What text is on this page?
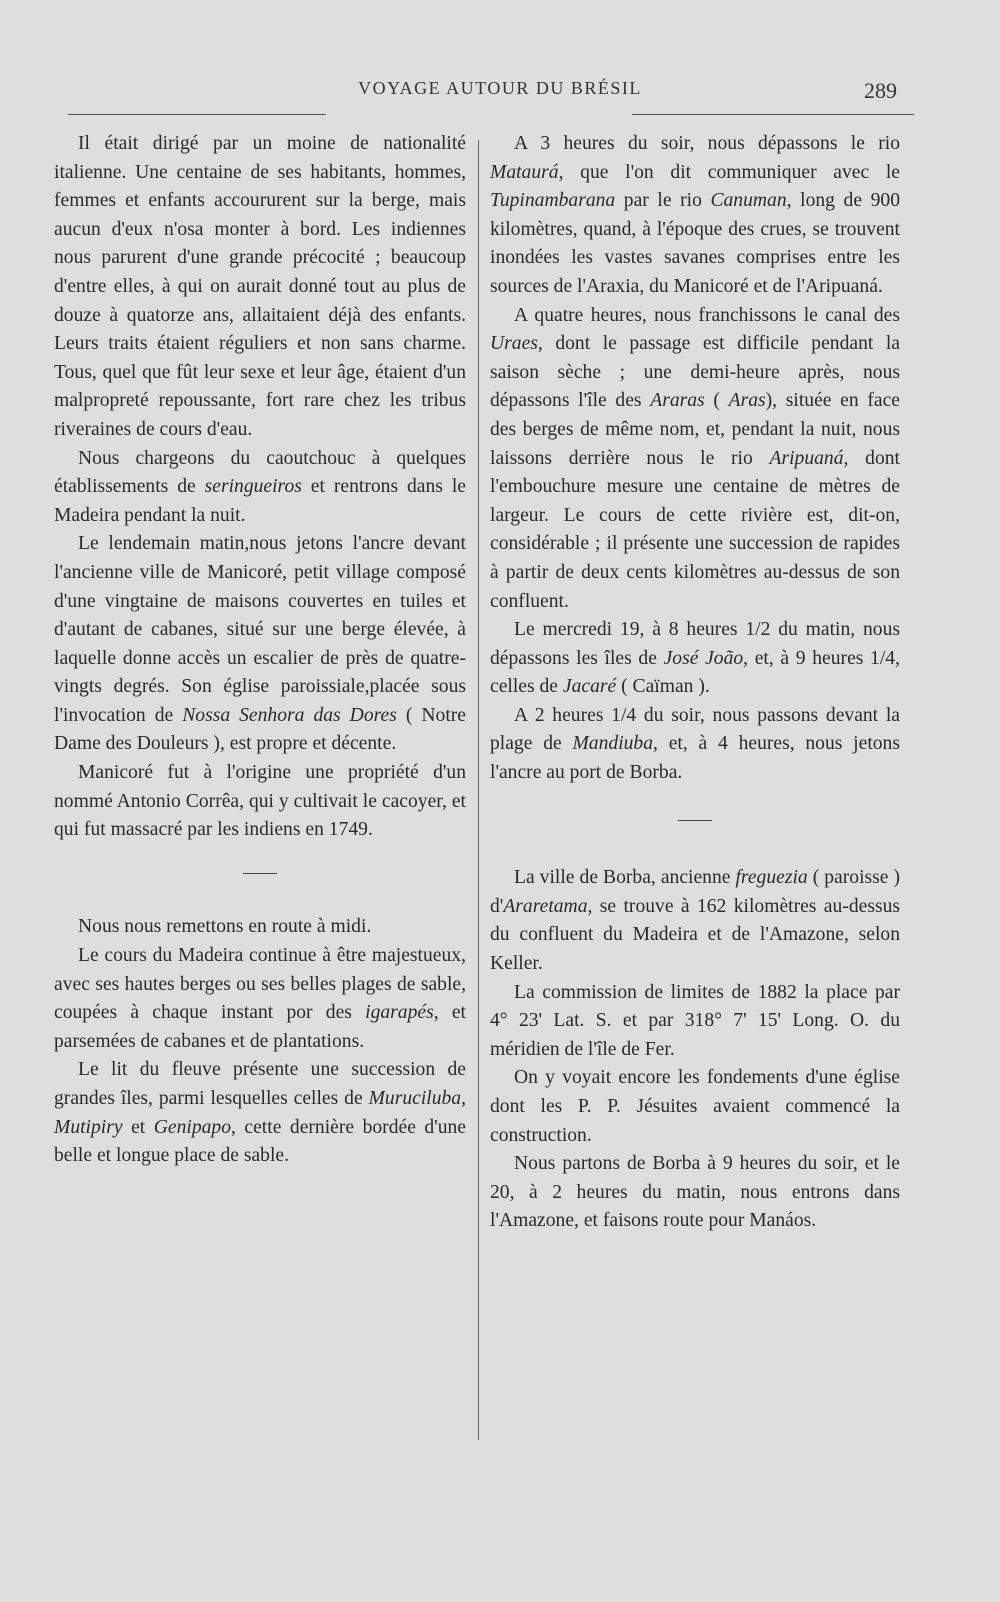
VOYAGE AUTOUR DU BRÉSIL	289

Il était dirigé par un moine de nationalité italienne. Une centaine de ses habitants, hommes, femmes et enfants accoururent sur la berge, mais aucun d'eux n'osa monter à bord. Les indiennes nous parurent d'une grande précocité ; beaucoup d'entre elles, à qui on aurait donné tout au plus de douze à quatorze ans, allaitaient déjà des enfants. Leurs traits étaient réguliers et non sans charme. Tous, quel que fût leur sexe et leur âge, étaient d'un malpropreté repoussante, fort rare chez les tribus riveraines de cours d'eau.

Nous chargeons du caoutchouc à quelques établissements de seringueiros et rentrons dans le Madeira pendant la nuit.

Le lendemain matin,nous jetons l'ancre devant l'ancienne ville de Manicoré, petit village composé d'une vingtaine de maisons couvertes en tuiles et d'autant de cabanes, situé sur une berge élevée, à laquelle donne accès un escalier de près de quatre-vingts degrés. Son église paroissiale,placée sous l'invocation de Nossa Senhora das Dores ( Notre Dame des Douleurs ), est propre et décente.

Manicoré fut à l'origine une propriété d'un nommé Antonio Corrêa, qui y cultivait le cacoyer, et qui fut massacré par les indiens en 1749.

Nous nous remettons en route à midi.

Le cours du Madeira continue à être majestueux, avec ses hautes berges ou ses belles plages de sable, coupées à chaque instant por des igarapés, et parsemées de cabanes et de plantations.

Le lit du fleuve présente une succession de grandes îles, parmi lesquelles celles de Muruciluba, Mutipiry et Genipapo, cette dernière bordée d'une belle et longue place de sable.

A 3 heures du soir, nous dépassons le rio Mataurá, que l'on dit communiquer avec le Tupinambarana par le rio Canuman, long de 900 kilomètres, quand, à l'époque des crues, se trouvent inondées les vastes savanes comprises entre les sources de l'Araxia, du Manicoré et de l'Aripuaná.

A quatre heures, nous franchissons le canal des Uraes, dont le passage est difficile pendant la saison sèche ; une demi-heure après, nous dépassons l'île des Araras ( Aras), située en face des berges de même nom, et, pendant la nuit, nous laissons derrière nous le rio Aripuaná, dont l'embouchure mesure une centaine de mètres de largeur. Le cours de cette rivière est, dit-on, considérable ; il présente une succession de rapides à partir de deux cents kilomètres au-dessus de son confluent.

Le mercredi 19, à 8 heures 1/2 du matin, nous dépassons les îles de José João, et, à 9 heures 1/4, celles de Jacaré ( Caïman ).

A 2 heures 1/4 du soir, nous passons devant la plage de Mandiuba, et, à 4 heures, nous jetons l'ancre au port de Borba.

La ville de Borba, ancienne freguezia ( paroisse ) d'Araretama, se trouve à 162 kilomètres au-dessus du confluent du Madeira et de l'Amazone, selon Keller.

La commission de limites de 1882 la place par 4° 23' Lat. S. et par 318° 7' 15' Long. O. du méridien de l'île de Fer.

On y voyait encore les fondements d'une église dont les P. P. Jésuites avaient commencé la construction.

Nous partons de Borba à 9 heures du soir, et le 20, à 2 heures du matin, nous entrons dans l'Amazone, et faisons route pour Manáos.
